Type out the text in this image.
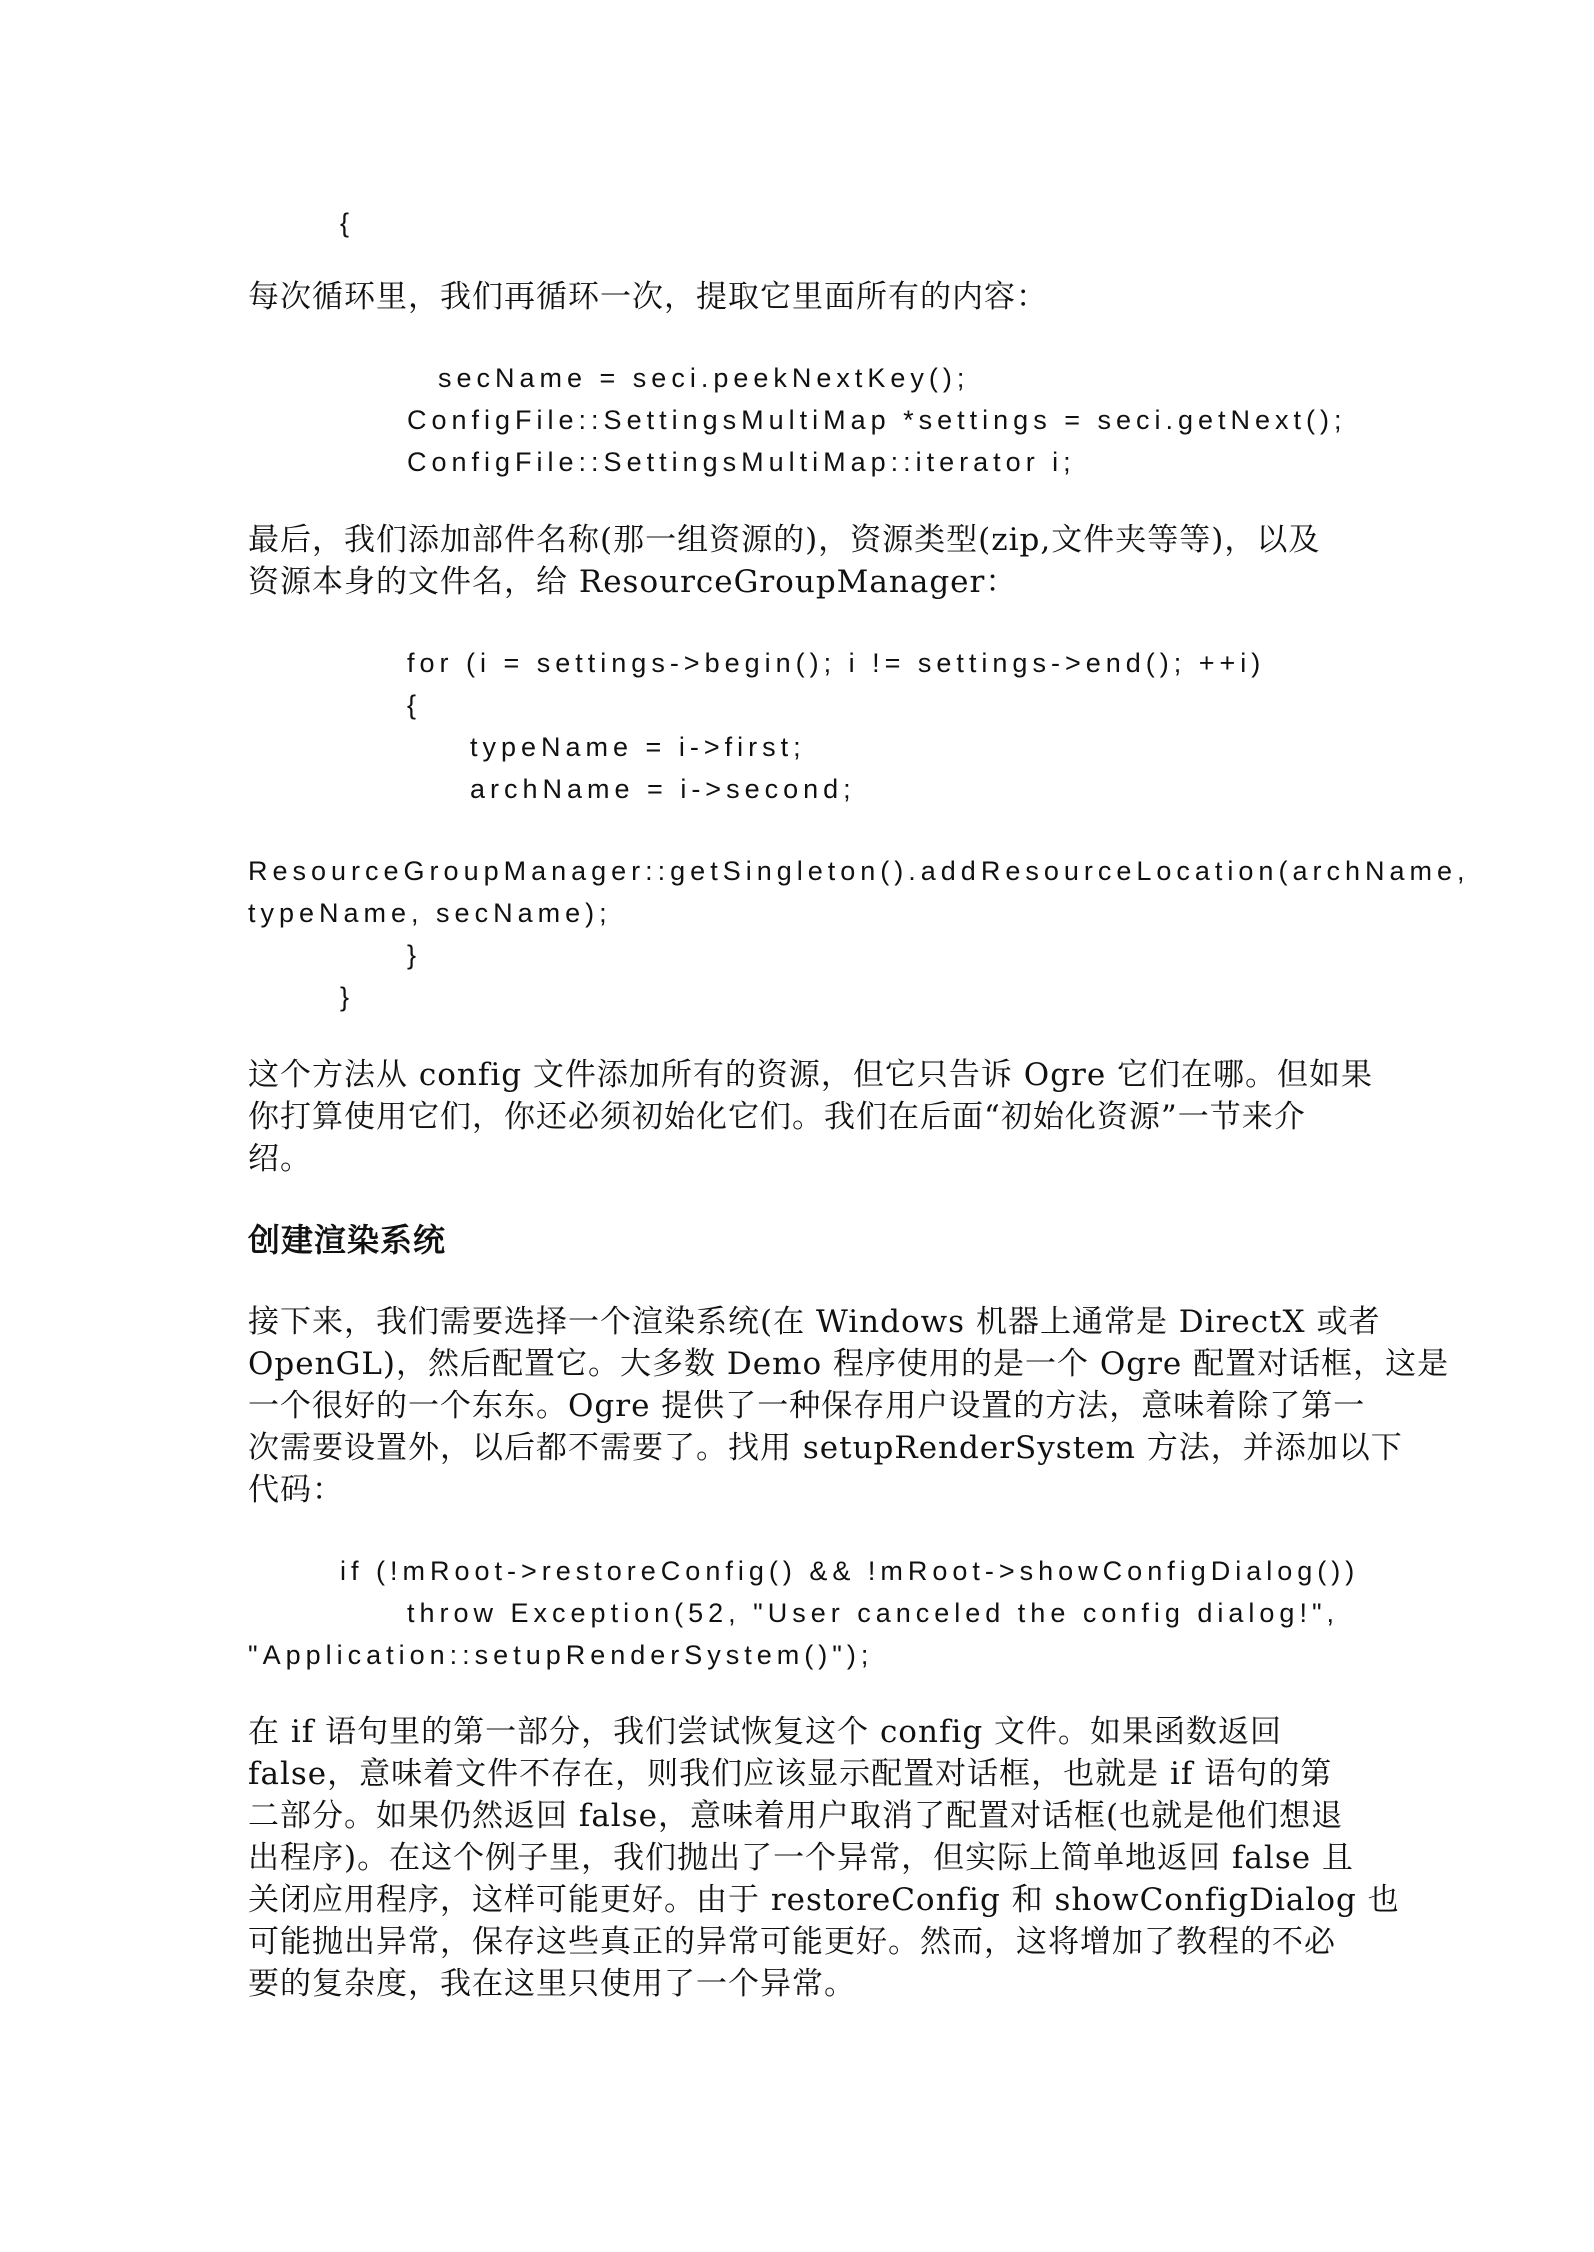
{
每次循环里，我们再循环一次，提取它里面所有的内容：
secName = seci.peekNextKey();
ConfigFile::SettingsMultiMap *settings = seci.getNext();
ConfigFile::SettingsMultiMap::iterator i;
最后，我们添加部件名称(那一组资源的)，资源类型(zip,文件夹等等)，以及
资源本身的文件名，给 ResourceGroupManager：
for (i = settings->begin(); i != settings->end(); ++i)
{
typeName = i->first;
archName = i->second;
ResourceGroupManager::getSingleton().addResourceLocation(archName,
typeName, secName);
}
}
这个方法从 config 文件添加所有的资源，但它只告诉 Ogre 它们在哪。但如果
你打算使用它们，你还必须初始化它们。我们在后面“初始化资源”一节来介
绍。
创建渲染系统
接下来，我们需要选择一个渲染系统(在 Windows 机器上通常是 DirectX 或者
OpenGL)，然后配置它。大多数 Demo 程序使用的是一个 Ogre 配置对话框，这是
一个很好的一个东东。Ogre 提供了一种保存用户设置的方法，意味着除了第一
次需要设置外，以后都不需要了。找用 setupRenderSystem 方法，并添加以下
代码：
if (!mRoot->restoreConfig() && !mRoot->showConfigDialog())
throw Exception(52, "User canceled the config dialog!",
"Application::setupRenderSystem()");
在 if 语句里的第一部分，我们尝试恢复这个 config 文件。如果函数返回
false，意味着文件不存在，则我们应该显示配置对话框，也就是 if 语句的第
二部分。如果仍然返回 false，意味着用户取消了配置对话框(也就是他们想退
出程序)。在这个例子里，我们抛出了一个异常，但实际上简单地返回 false 且
关闭应用程序，这样可能更好。由于 restoreConfig 和 showConfigDialog 也
可能抛出异常，保存这些真正的异常可能更好。然而，这将增加了教程的不必
要的复杂度，我在这里只使用了一个异常。
